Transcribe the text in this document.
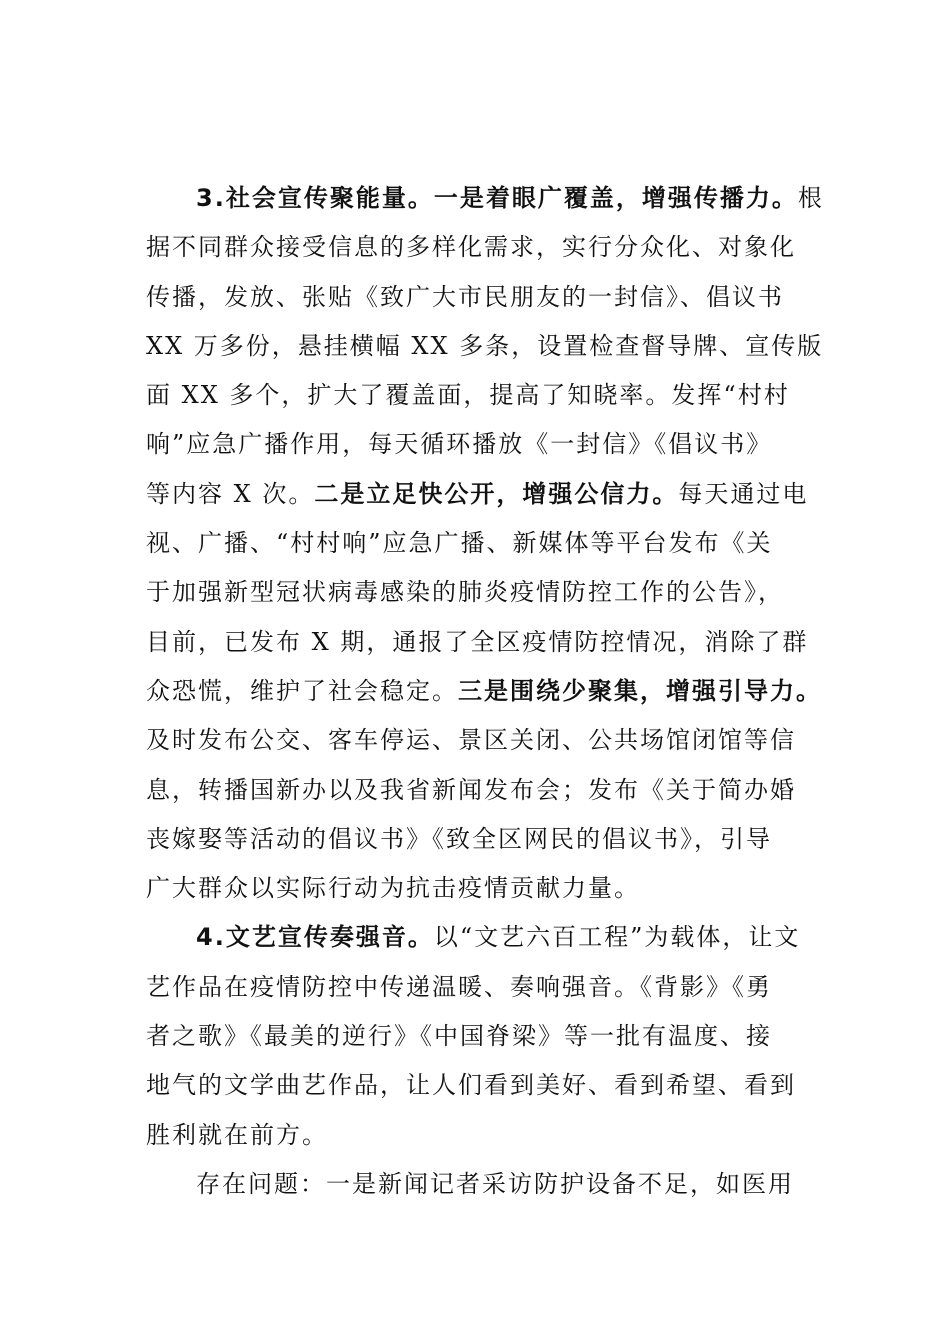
3.社会宣传聚能量。一是着眼广覆盖，增强传播力。根
据不同群众接受信息的多样化需求，实行分众化、对象化
传播，发放、张贴《致广大市民朋友的一封信》、倡议书
XX 万多份，悬挂横幅 XX 多条，设置检查督导牌、宣传版
面 XX 多个，扩大了覆盖面，提高了知晓率。发挥“村村
响”应急广播作用，每天循环播放《一封信》《倡议书》
等内容 X 次。二是立足快公开，增强公信力。每天通过电
视、广播、“村村响”应急广播、新媒体等平台发布《关
于加强新型冠状病毒感染的肺炎疫情防控工作的公告》，
目前，已发布 X 期，通报了全区疫情防控情况，消除了群
众恐慌，维护了社会稳定。三是围绕少聚集，增强引导力。
及时发布公交、客车停运、景区关闭、公共场馆闭馆等信
息，转播国新办以及我省新闻发布会；发布《关于简办婚
丧嫁娶等活动的倡议书》《致全区网民的倡议书》，引导
广大群众以实际行动为抗击疫情贡献力量。
4.文艺宣传奏强音。以“文艺六百工程”为载体，让文
艺作品在疫情防控中传递温暖、奏响强音。《背影》《勇
者之歌》《最美的逆行》《中国脊梁》等一批有温度、接
地气的文学曲艺作品，让人们看到美好、看到希望、看到
胜利就在前方。
存在问题：一是新闻记者采访防护设备不足，如医用
